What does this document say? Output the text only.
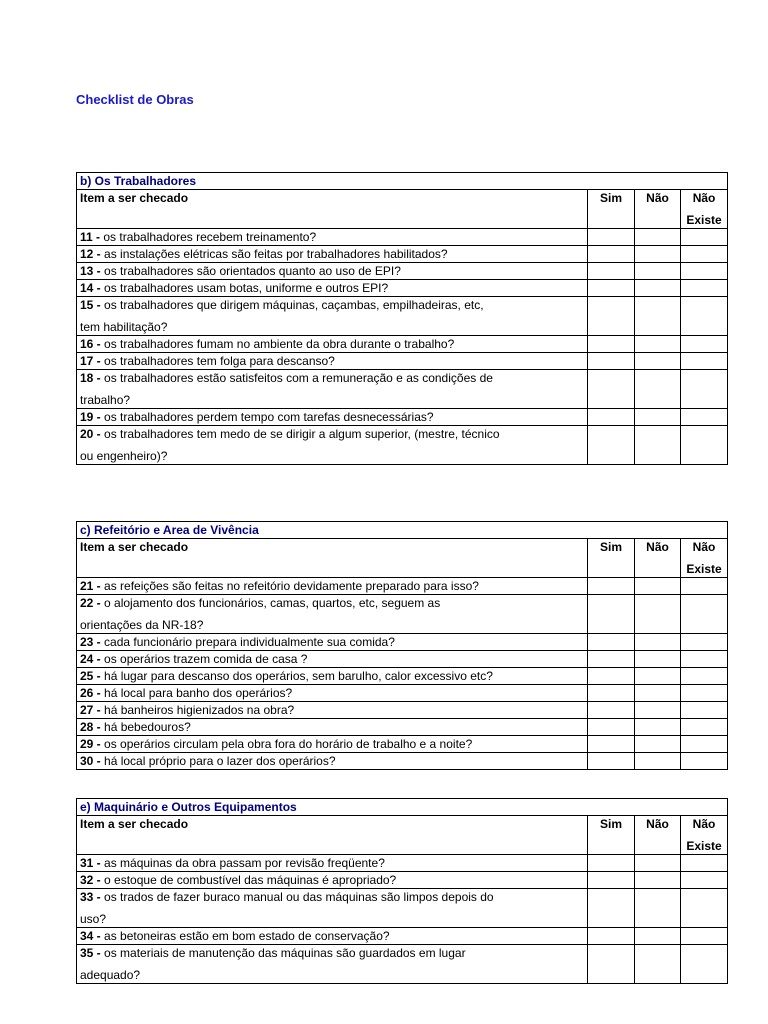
Checklist de Obras
b) Os Trabalhadores			
Item a ser checado	Sim	Não	Não
Existe

11 - os trabalhadores recebem treinamento?			

12 - as instalações elétricas são feitas por trabalhadores habilitados?			

13 - os trabalhadores são orientados quanto ao uso de EPI?			

14 - os trabalhadores usam botas, uniforme e outros EPI?			

15 - os trabalhadores que dirigem máquinas, caçambas, empilhadeiras, etc,
tem habilitação?			

16 - os trabalhadores fumam no ambiente da obra durante o trabalho?			

17 - os trabalhadores tem folga para descanso?			

18 - os trabalhadores estão satisfeitos com a remuneração e as condições de
trabalho?			

19 - os trabalhadores perdem tempo com tarefas desnecessárias?			

20 - os trabalhadores tem medo de se dirigir a algum superior, (mestre, técnico
ou engenheiro)?			

c) Refeitório e Area de Vivência			
Item a ser checado	Sim	Não	Não
Existe

21 - as refeições são feitas no refeitório devidamente preparado para isso?			

22 - o alojamento dos funcionários, camas, quartos, etc, seguem as
orientações da NR-18?			

23 - cada funcionário prepara individualmente sua comida?			

24 - os operários trazem comida de casa ?			

25 - há lugar para descanso dos operários, sem barulho, calor excessivo etc?			

26 - há local para banho dos operários?			

27 - há banheiros higienizados na obra?			

28 - há bebedouros?			

29 - os operários circulam pela obra fora do horário de trabalho e a noite?			

30 - há local próprio para o lazer dos operários?			

e) Maquinário e Outros Equipamentos			
Item a ser checado	Sim	Não	Não
Existe

31 - as máquinas da obra passam por revisão freqüente?			

32 - o estoque de combustível das máquinas é apropriado?			

33 - os trados de fazer buraco manual ou das máquinas são limpos depois do
uso?			

34 - as betoneiras estão em bom estado de conservação?			

35 - os materiais de manutenção das máquinas são guardados em lugar
adequado?			
